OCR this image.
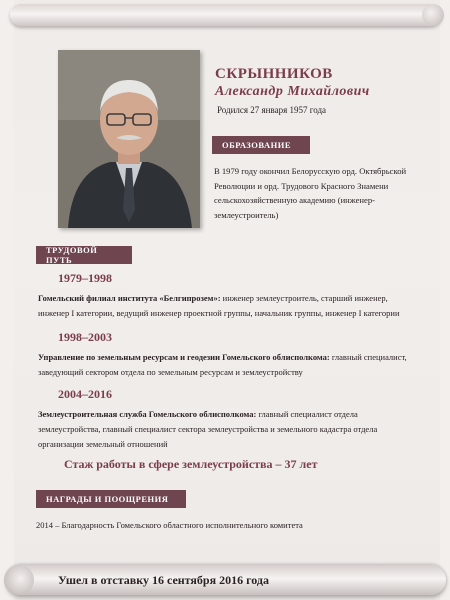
СКРЫННИКОВ
Александр Михайлович
Родился 27 января 1957 года
ОБРАЗОВАНИЕ
В 1979 году окончил Белорусскую орд. Октябрьской Революции и орд. Трудового Красного Знамени сельскохозяйственную академию (инженер-землеустроитель)
ТРУДОВОЙ ПУТЬ
1979–1998
Гомельский филиал института «Белгипрозем»: инженер землеустроитель, старший инженер, инженер I категории, ведущий инженер проектной группы, начальник группы, инженер I категории
1998–2003
Управление по земельным ресурсам и геодезии Гомельского облисполкома: главный специалист, заведующий сектором отдела по земельным ресурсам и землеустройству
2004–2016
Землеустроительная служба Гомельского облисполкома: главный специалист отдела землеустройства, главный специалист сектора землеустройства и земельного кадастра отдела организации земельный отношений
Стаж работы в сфере землеустройства – 37 лет
НАГРАДЫ И ПООЩРЕНИЯ
2014 – Благодарность Гомельского областного исполнительного комитета
Ушел в отставку 16 сентября 2016 года
